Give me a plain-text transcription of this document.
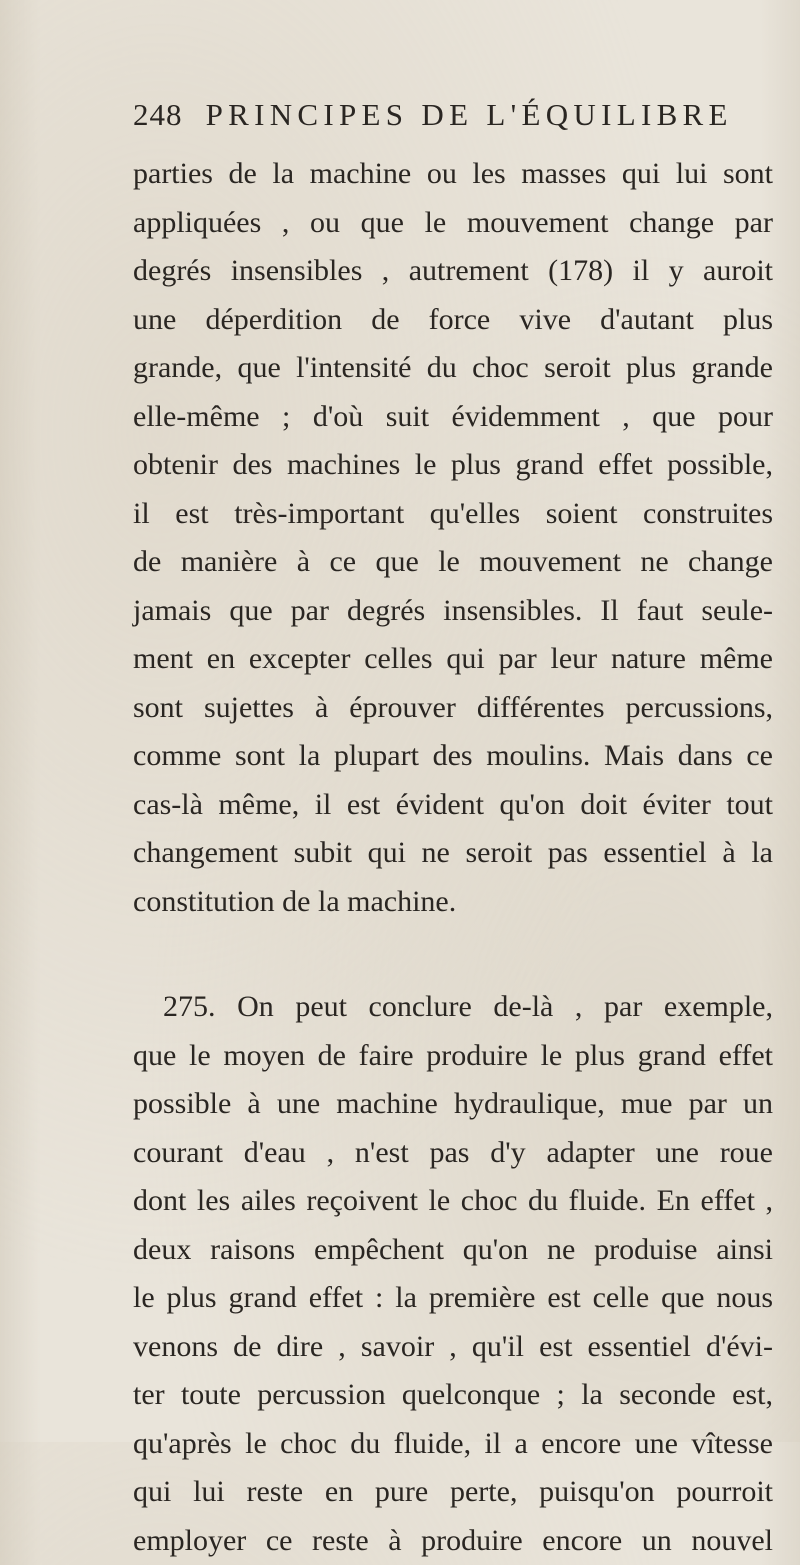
248 PRINCIPES DE L'ÉQUILIBRE
parties de la machine ou les masses qui lui sont
appliquées , ou que le mouvement change par
degrés insensibles , autrement (178) il y auroit
une déperdition de force vive d'autant plus
grande, que l'intensité du choc seroit plus grande
elle-même ; d'où suit évidemment , que pour
obtenir des machines le plus grand effet possible,
il est très-important qu'elles soient construites
de manière à ce que le mouvement ne change
jamais que par degrés insensibles. Il faut seule-
ment en excepter celles qui par leur nature même
sont sujettes à éprouver différentes percussions,
comme sont la plupart des moulins. Mais dans ce
cas-là même, il est évident qu'on doit éviter tout
changement subit qui ne seroit pas essentiel à la
constitution de la machine.
275. On peut conclure de-là , par exemple,
que le moyen de faire produire le plus grand effet
possible à une machine hydraulique, mue par un
courant d'eau , n'est pas d'y adapter une roue
dont les ailes reçoivent le choc du fluide. En effet ,
deux raisons empêchent qu'on ne produise ainsi
le plus grand effet : la première est celle que nous
venons de dire , savoir , qu'il est essentiel d'évi-
ter toute percussion quelconque ; la seconde est,
qu'après le choc du fluide, il a encore une vîtesse
qui lui reste en pure perte, puisqu'on pourroit
employer ce reste à produire encore un nouvel
